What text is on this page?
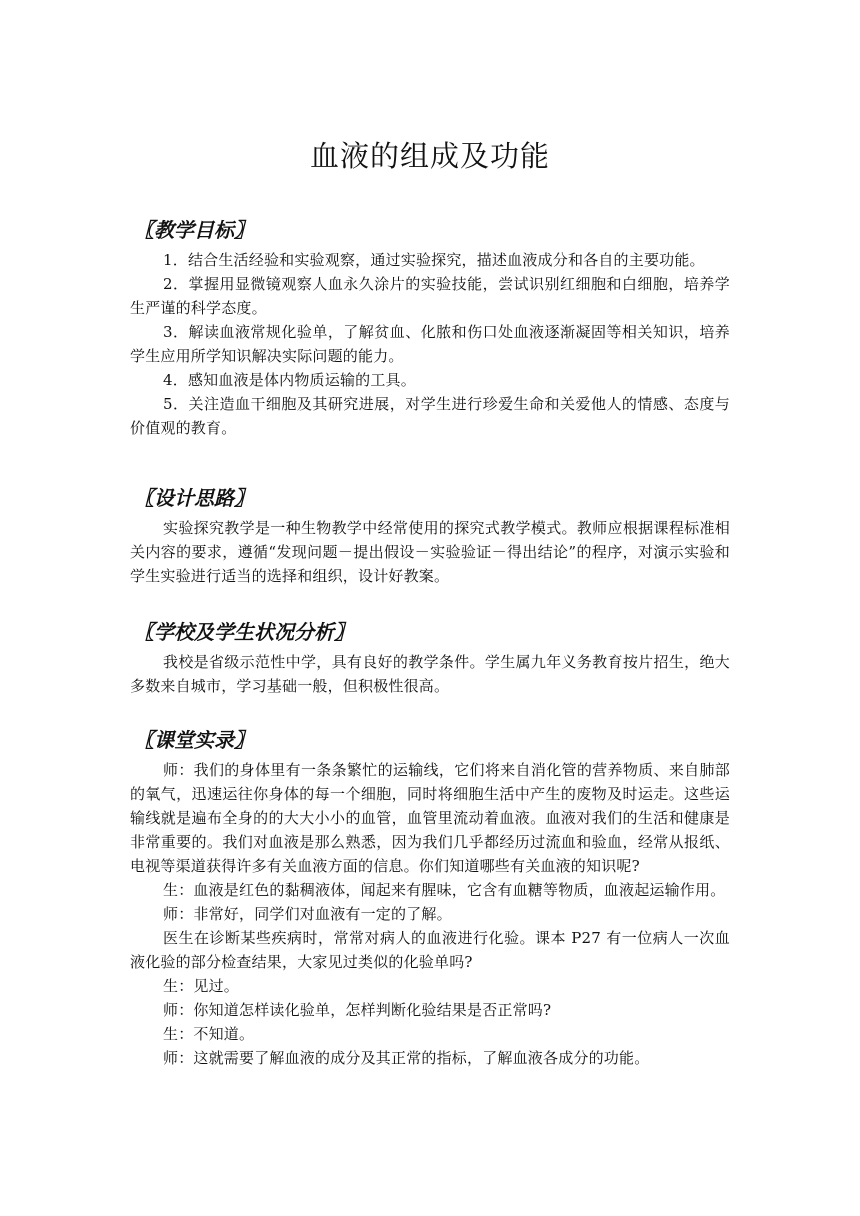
血液的组成及功能
〖教学目标〗

1．结合生活经验和实验观察，通过实验探究，描述血液成分和各自的主要功能。

2．掌握用显微镜观察人血永久涂片的实验技能，尝试识别红细胞和白细胞，培养学生严谨的科学态度。

3．解读血液常规化验单，了解贫血、化脓和伤口处血液逐渐凝固等相关知识，培养学生应用所学知识解决实际问题的能力。

4．感知血液是体内物质运输的工具。

5．关注造血干细胞及其研究进展，对学生进行珍爱生命和关爱他人的情感、态度与价值观的教育。

〖设计思路〗

实验探究教学是一种生物教学中经常使用的探究式教学模式。教师应根据课程标准相关内容的要求，遵循“发现问题－提出假设－实验验证－得出结论”的程序，对演示实验和学生实验进行适当的选择和组织，设计好教案。

〖学校及学生状况分析〗

我校是省级示范性中学，具有良好的教学条件。学生属九年义务教育按片招生，绝大多数来自城市，学习基础一般，但积极性很高。

〖课堂实录〗

师：我们的身体里有一条条繁忙的运输线，它们将来自消化管的营养物质、来自肺部的氧气，迅速运往你身体的每一个细胞，同时将细胞生活中产生的废物及时运走。这些运输线就是遍布全身的的大大小小的血管，血管里流动着血液。血液对我们的生活和健康是非常重要的。我们对血液是那么熟悉，因为我们几乎都经历过流血和验血，经常从报纸、电视等渠道获得许多有关血液方面的信息。你们知道哪些有关血液的知识呢?

生：血液是红色的黏稠液体，闻起来有腥味，它含有血糖等物质，血液起运输作用。

师：非常好，同学们对血液有一定的了解。

医生在诊断某些疾病时，常常对病人的血液进行化验。课本 P27 有一位病人一次血液化验的部分检查结果，大家见过类似的化验单吗?

生：见过。

师：你知道怎样读化验单，怎样判断化验结果是否正常吗?

生：不知道。

师：这就需要了解血液的成分及其正常的指标，了解血液各成分的功能。
